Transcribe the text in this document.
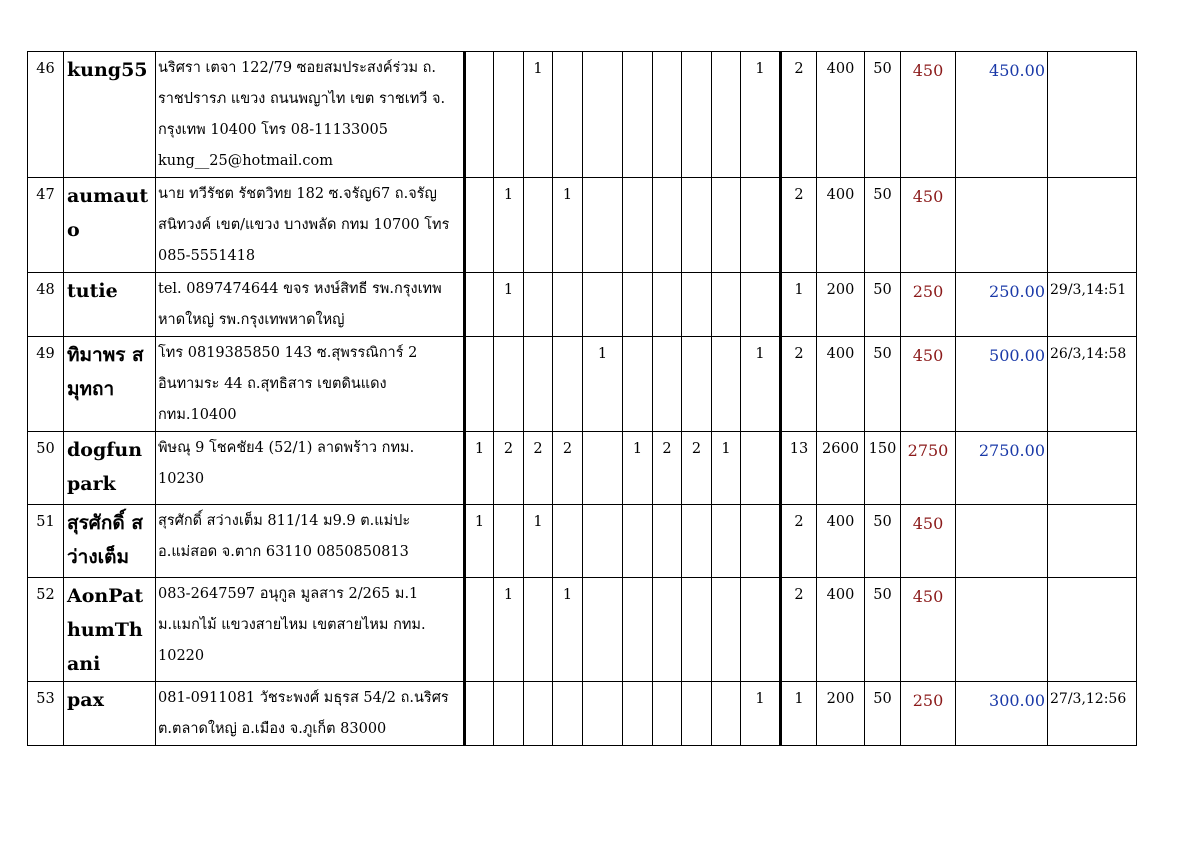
46	kung55	นริศรา เตจา 122/79 ซอยสมประสงค์ร่วม ถ. ราชปรารภ แขวง ถนนพญาไท เขต ราชเทวี จ. กรุงเทพ 10400 โทร 08-11133005 kung__25@hotmail.com			1							1	2	400	50	450	450.00	
47	aumauto	นาย ทวีรัชต รัชตวิทย 182 ซ.จรัญ67 ถ.จรัญสนิทวงค์ เขต/แขวง บางพลัด กทม 10700 โทร 085-5551418		1		1							2	400	50	450		
48	tutie	tel. 0897474644 ขจร หงษ์สิทธี รพ.กรุงเทพหาดใหญ่ รพ.กรุงเทพหาดใหญ่		1									1	200	50	250	250.00	29/3,14:51
49	ทิมาพร สมุทถา	โทร 0819385850 143 ซ.สุพรรณิการ์ 2 อินทามระ 44 ถ.สุทธิสาร เขตดินแดง กทม.10400					1					1	2	400	50	450	500.00	26/3,14:58
50	dogfunpark	พิษณุ 9 โชคชัย4 (52/1) ลาดพร้าว กทม. 10230	1	2	2	2		1	2	2	1		13	2600	150	2750	2750.00	
51	สุรศักดิ์ สว่างเต็ม	สุรศักดิ์ สว่างเต็ม 811/14 ม9.9 ต.แม่ปะ อ.แม่สอด จ.ตาก 63110 0850850813	1		1								2	400	50	450		
52	AonPathumThani	083-2647597 อนุกูล มูลสาร 2/265 ม.1 ม.แมกไม้ แขวงสายไหม เขตสายไหม กทม. 10220		1		1							2	400	50	450		
53	pax	081-0911081 วัชระพงศ์ มธุรส 54/2 ถ.นริศร ต.ตลาดใหญ่ อ.เมือง จ.ภูเก็ต 83000										1	1	200	50	250	300.00	27/3,12:56
